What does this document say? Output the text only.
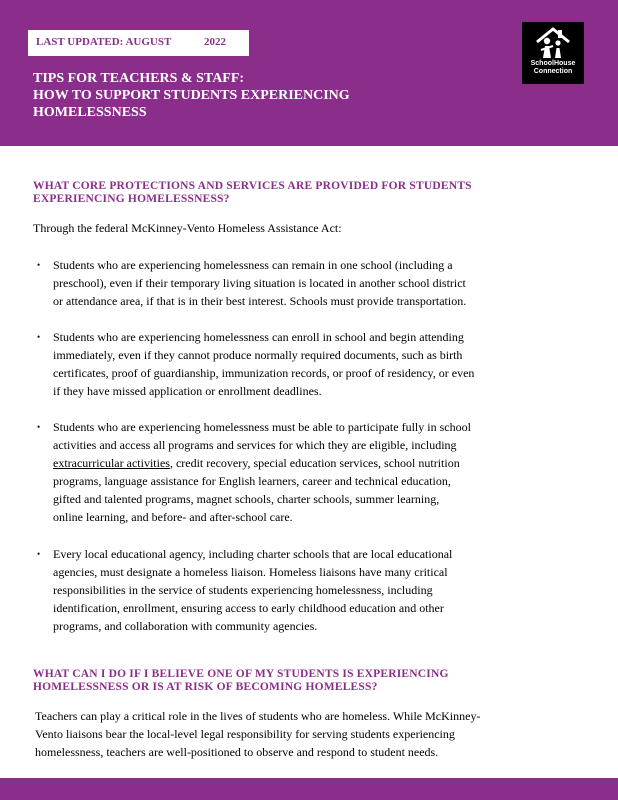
LAST UPDATED: AUGUST	2022
TIPS FOR TEACHERS & STAFF:
HOW TO SUPPORT STUDENTS EXPERIENCING
HOMELESSNESS
SchoolHouse
Connection
WHAT CORE PROTECTIONS AND SERVICES ARE PROVIDED FOR STUDENTS
EXPERIENCING HOMELESSNESS?
Through the federal McKinney-Vento Homeless Assistance Act:
• Students who are experiencing homelessness can remain in one school (including a
preschool), even if their temporary living situation is located in another school district
or attendance area, if that is in their best interest. Schools must provide transportation.
• Students who are experiencing homelessness can enroll in school and begin attending
immediately, even if they cannot produce normally required documents, such as birth
certificates, proof of guardianship, immunization records, or proof of residency, or even
if they have missed application or enrollment deadlines.
• Students who are experiencing homelessness must be able to participate fully in school
activities and access all programs and services for which they are eligible, including
extracurricular activities, credit recovery, special education services, school nutrition
programs, language assistance for English learners, career and technical education,
gifted and talented programs, magnet schools, charter schools, summer learning,
online learning, and before- and after-school care.
• Every local educational agency, including charter schools that are local educational
agencies, must designate a homeless liaison. Homeless liaisons have many critical
responsibilities in the service of students experiencing homelessness, including
identification, enrollment, ensuring access to early childhood education and other
programs, and collaboration with community agencies.
WHAT CAN I DO IF I BELIEVE ONE OF MY STUDENTS IS EXPERIENCING
HOMELESSNESS OR IS AT RISK OF BECOMING HOMELESS?
Teachers can play a critical role in the lives of students who are homeless. While McKinney-
Vento liaisons bear the local-level legal responsibility for serving students experiencing
homelessness, teachers are well-positioned to observe and respond to student needs.
